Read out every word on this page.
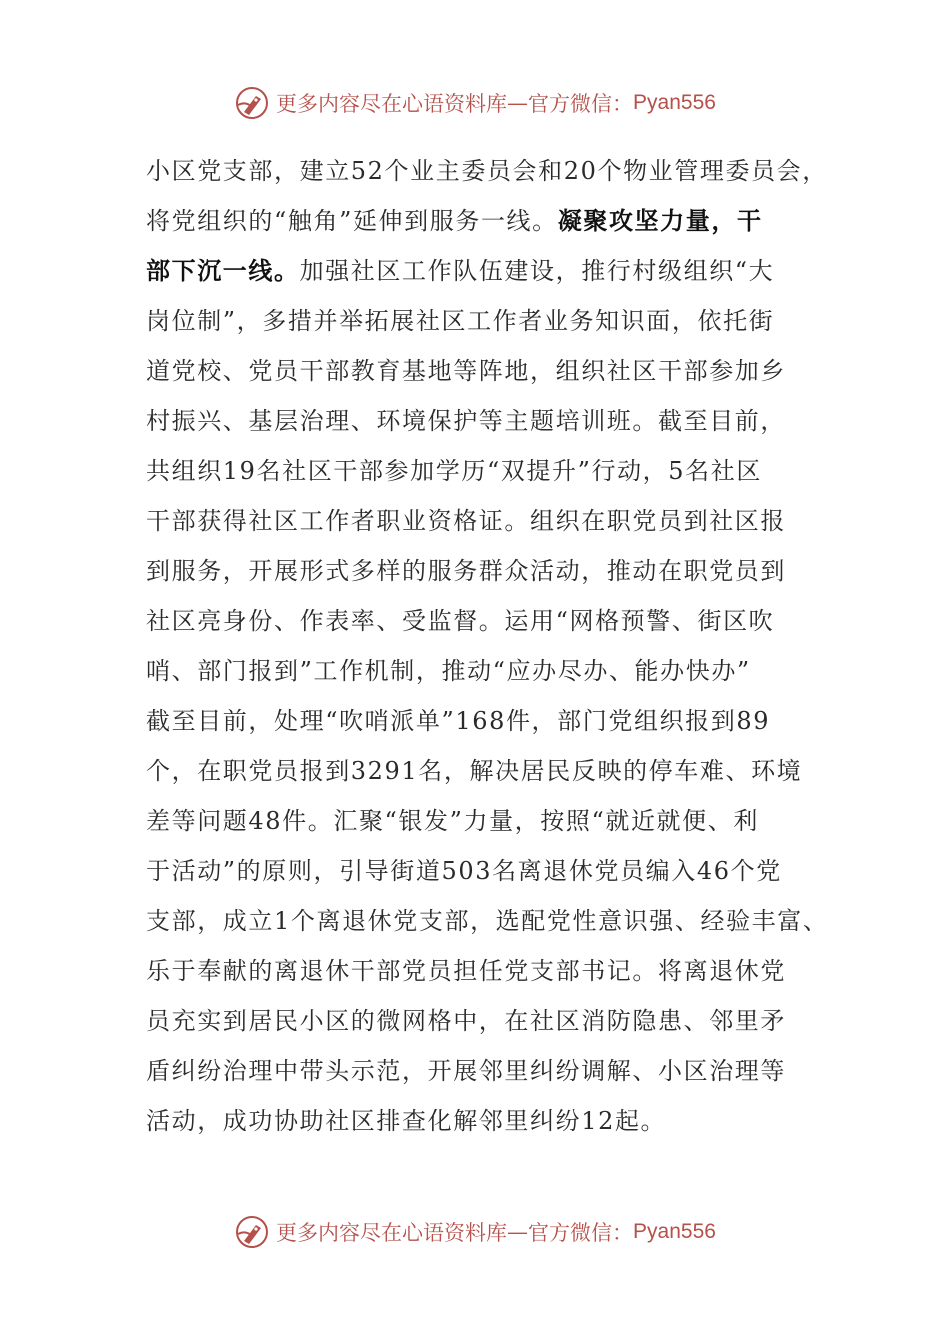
更多内容尽在心语资料库 — 官方微信： Pyan556
小区党支部，建立52个业主委员会和20个物业管理委员会，
将党组织的“触角”延伸到服务一线。凝聚攻坚力量，干
部下沉一线。加强社区工作队伍建设，推行村级组织“大
岗位制”，多措并举拓展社区工作者业务知识面，依托街
道党校、党员干部教育基地等阵地，组织社区干部参加乡
村振兴、基层治理、环境保护等主题培训班。截至目前，
共组织19名社区干部参加学历“双提升”行动，5名社区
干部获得社区工作者职业资格证。组织在职党员到社区报
到服务，开展形式多样的服务群众活动，推动在职党员到
社区亮身份、作表率、受监督。运用“网格预警、街区吹
哨、部门报到”工作机制，推动“应办尽办、能办快办”
截至目前，处理“吹哨派单”168件，部门党组织报到89
个，在职党员报到3291名，解决居民反映的停车难、环境
差等问题48件。汇聚“银发”力量，按照“就近就便、利
于活动”的原则，引导街道503名离退休党员编入46个党
支部，成立1个离退休党支部，选配党性意识强、经验丰富、
乐于奉献的离退休干部党员担任党支部书记。将离退休党
员充实到居民小区的微网格中，在社区消防隐患、邻里矛
盾纠纷治理中带头示范，开展邻里纠纷调解、小区治理等
活动，成功协助社区排查化解邻里纠纷12起。
更多内容尽在心语资料库 — 官方微信： Pyan556
